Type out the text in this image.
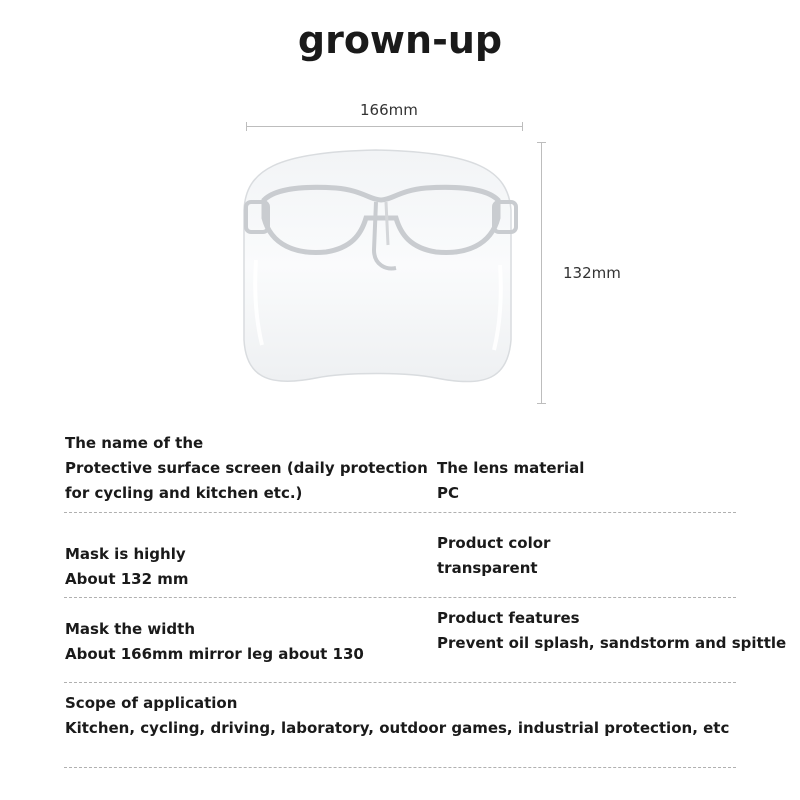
grown-up
166mm
132mm
The name of the
Protective surface screen (daily protection
for cycling and kitchen etc.)
The lens material
PC
Mask is highly
About 132 mm
Product color
transparent
Mask the width
About 166mm mirror leg about 130
Product features
Prevent oil splash, sandstorm and spittle
Scope of application
Kitchen, cycling, driving, laboratory, outdoor games, industrial protection, etc
